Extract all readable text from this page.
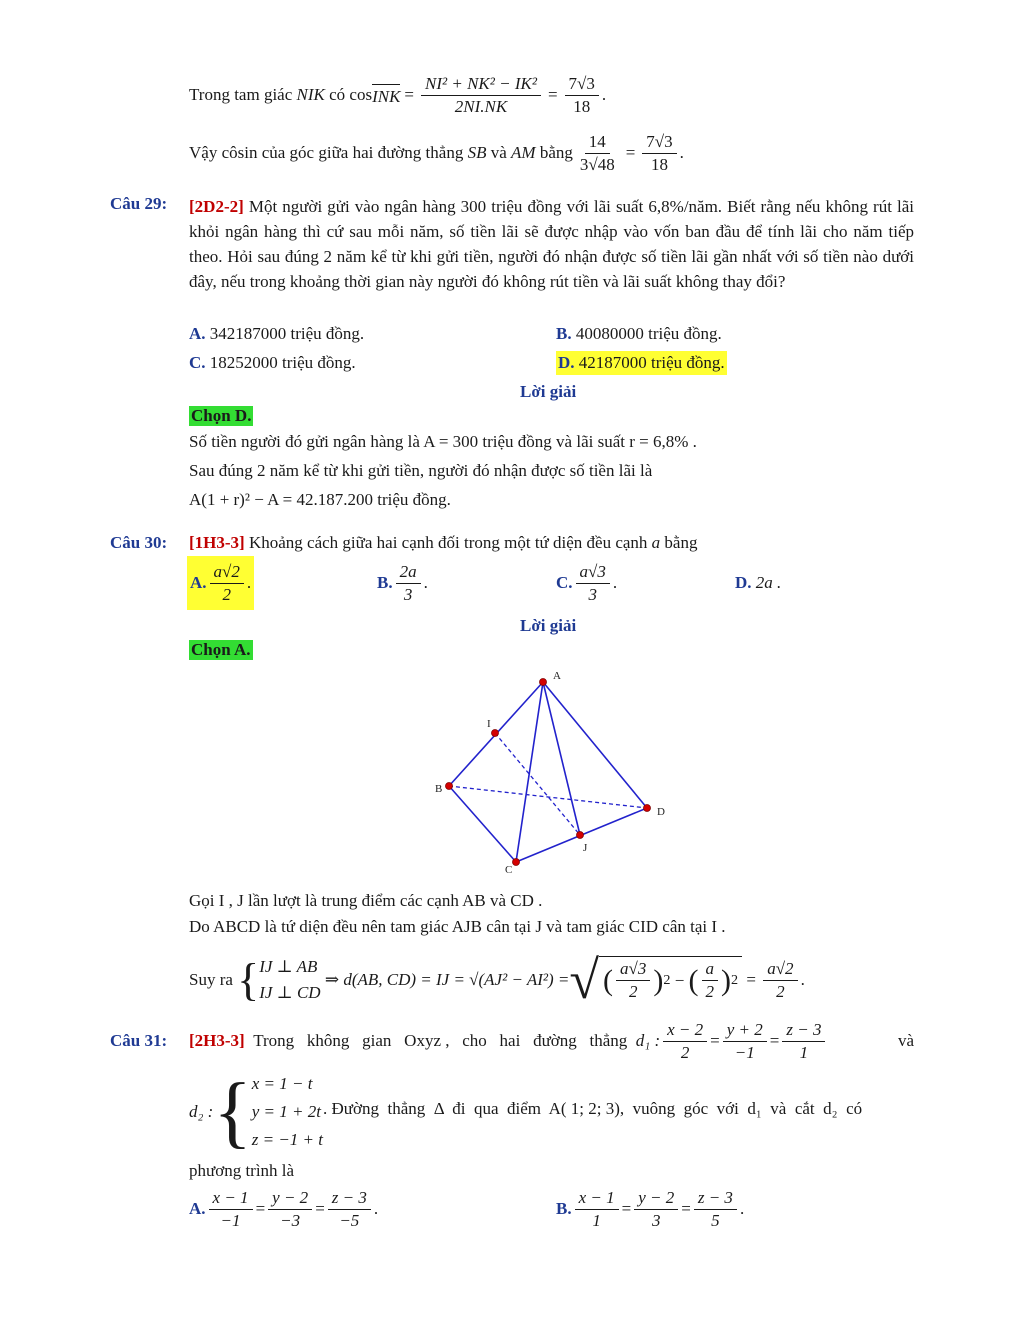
Trong tam giác
NIK
có
cos INK = $\frac{\text{NI² + NK² − IK²}}{2NI.NK} = \frac{7√3}{18}$ .
Vậy côsin của góc giữa hai đường thẳng
SB
và
AM
bằng $\frac{14}{3√48} = \frac{7√3}{18}$ .
Câu 29: [2D2-2] Một người gửi vào ngân hàng 300 triệu đồng với lãi suất 6,8%/năm. Biết rằng nếu không rút lãi khỏi ngân hàng thì cứ sau mỗi năm, số tiền lãi sẽ được nhập vào vốn ban đầu để tính lãi cho năm tiếp theo. Hỏi sau đúng 2 năm kể từ khi gửi tiền, người đó nhận được số tiền lãi gần nhất với số tiền nào dưới đây, nếu trong khoảng thời gian này người đó không rút tiền và lãi suất không thay đổi?
A. 342187000 triệu đồng.	B. 40080000 triệu đồng.
C. 18252000 triệu đồng.	D. 42187000 triệu đồng.
Lời giải
Chọn D.
Số tiền người đó gửi ngân hàng là A = 300 triệu đồng và lãi suất r = 6,8% .
Sau đúng 2 năm kể từ khi gửi tiền, người đó nhận được số tiền lãi là
A(1 + r)² − A = 42.187.200 triệu đồng.
Câu 30: [1H3-3] Khoảng cách giữa hai cạnh đối trong một tứ diện đều cạnh a bằng
A. $\frac{a√2}{2}$ .	B. $\frac{2a}{3}$ .	C. $\frac{a√3}{3}$ .	D.
2a .
Lời giải
Chọn A.
A
B
C
D
I
J
Gọi I , J lần lượt là trung điểm các cạnh AB và CD .
Do ABCD là tứ diện đều nên tam giác AJB cân tại J và tam giác CID cân tại I .
Suy ra
{ IJ ⊥ AB
IJ ⊥ CD

⇒ d(AB, CD) = IJ = √(AJ² − AI²) = √ ( $\frac{a√3}{2}$ ) 2 − ( $\frac{a}{2}$ ) $2 = \frac{a√2}{2}$ .
Câu 31: [2H3-3]
Trong   không   gian   Oxyz ,   cho   hai   đường   thẳng
d₁ : $\frac{x - 2}{2} = \frac{y + 2}{-1} = \frac{z - 3}{1}$	và
d₂ : { x = 1 − t
y = 1 + 2t
z = −1 + t
. Đường  thẳng  Δ  đi  qua  điểm  A( 1; 2; 3),  vuông  góc  với  d₁  và  cắt  d₂  có
phương trình là
A. $\frac{x - 1}{-1} = \frac{y - 2}{-3} = \frac{z - 3}{-5}$ .	B. $\frac{x - 1}{1} = \frac{y - 2}{3} = \frac{z - 3}{5}$ .
